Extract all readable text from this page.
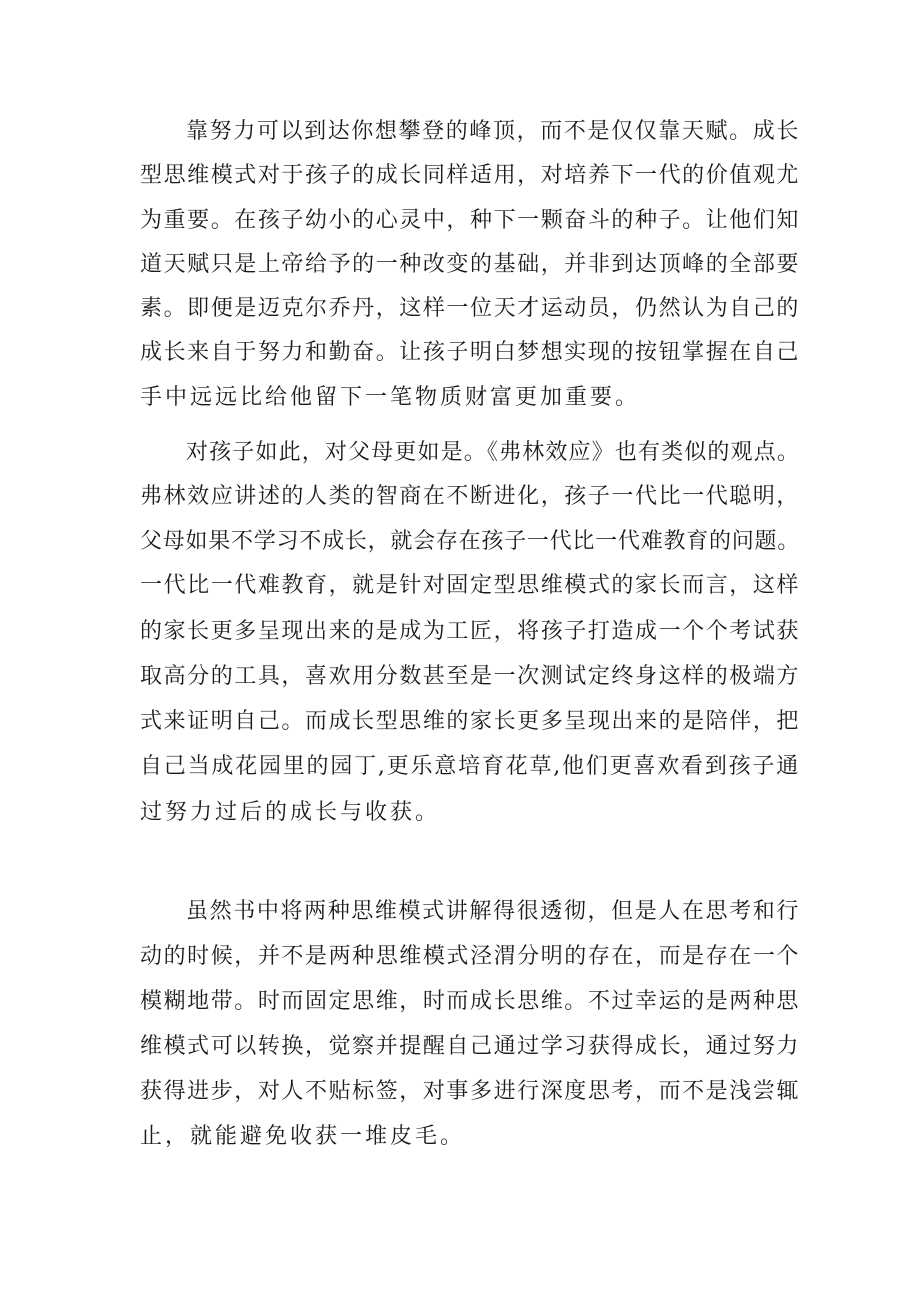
靠努力可以到达你想攀登的峰顶，而不是仅仅靠天赋。成长
型思维模式对于孩子的成长同样适用，对培养下一代的价值观尤
为重要。在孩子幼小的心灵中，种下一颗奋斗的种子。让他们知
道天赋只是上帝给予的一种改变的基础，并非到达顶峰的全部要
素。即便是迈克尔乔丹，这样一位天才运动员，仍然认为自己的
成长来自于努力和勤奋。让孩子明白梦想实现的按钮掌握在自己
手中远远比给他留下一笔物质财富更加重要。
对孩子如此，对父母更如是。《弗林效应》也有类似的观点。
弗林效应讲述的人类的智商在不断进化，孩子一代比一代聪明，
父母如果不学习不成长，就会存在孩子一代比一代难教育的问题。
一代比一代难教育，就是针对固定型思维模式的家长而言，这样
的家长更多呈现出来的是成为工匠，将孩子打造成一个个考试获
取高分的工具，喜欢用分数甚至是一次测试定终身这样的极端方
式来证明自己。而成长型思维的家长更多呈现出来的是陪伴，把
自己当成花园里的园丁,更乐意培育花草,他们更喜欢看到孩子通
过努力过后的成长与收获。
虽然书中将两种思维模式讲解得很透彻，但是人在思考和行
动的时候，并不是两种思维模式泾渭分明的存在，而是存在一个
模糊地带。时而固定思维，时而成长思维。不过幸运的是两种思
维模式可以转换，觉察并提醒自己通过学习获得成长，通过努力
获得进步，对人不贴标签，对事多进行深度思考，而不是浅尝辄
止，就能避免收获一堆皮毛。
